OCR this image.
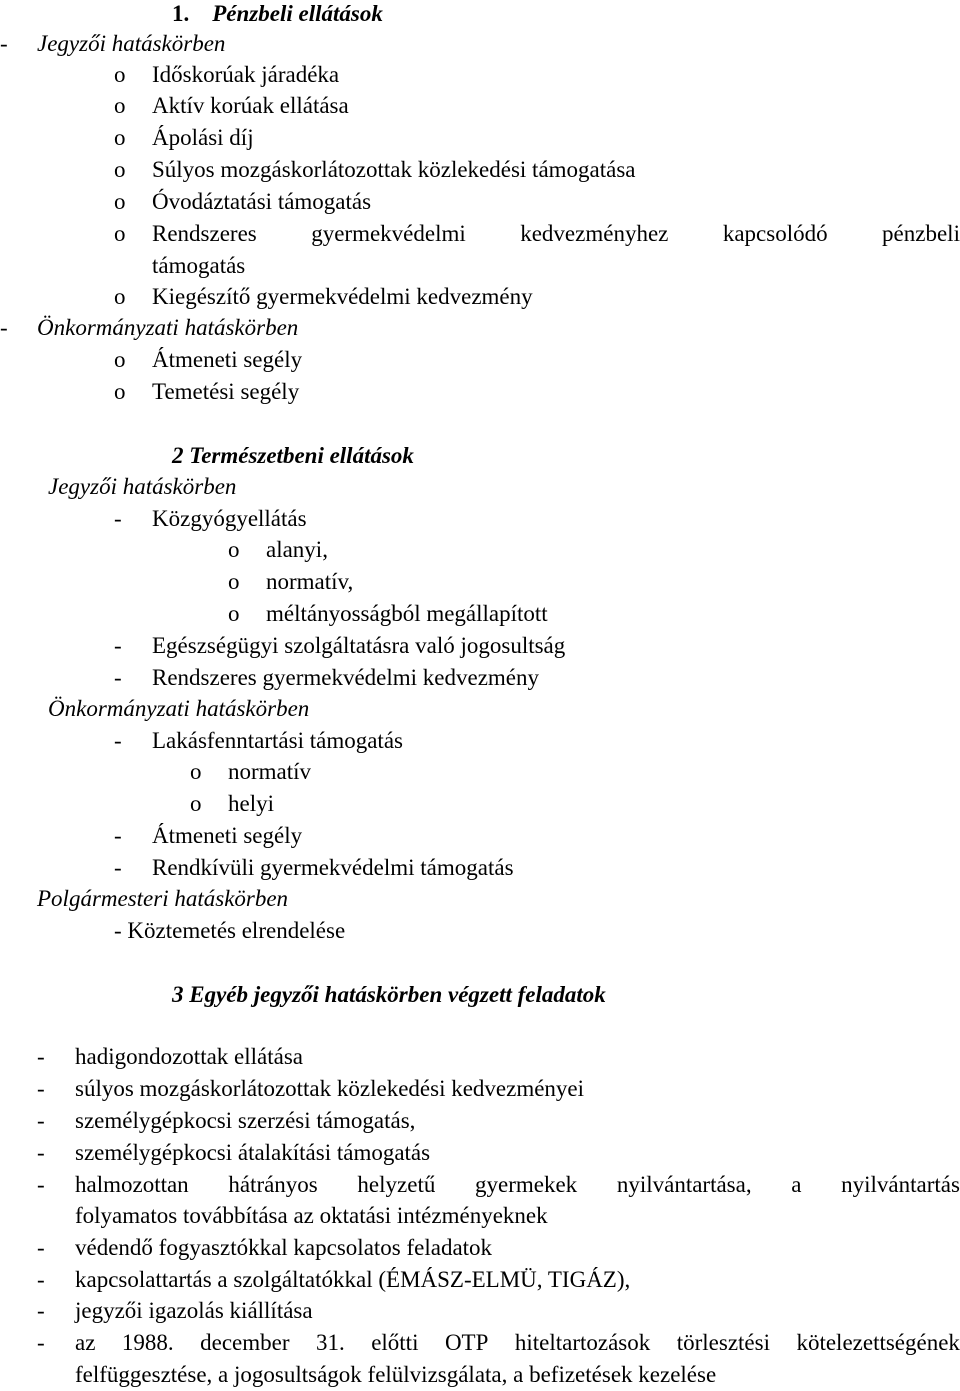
1. Pénzbeli ellátások
- Jegyzői hatáskörben
o Időskorúak járadéka
o Aktív korúak ellátása
o Ápolási díj
o Súlyos mozgáskorlátozottak közlekedési támogatása
o Óvodáztatási támogatás
o	Rendszeres gyermekvédelmi kedvezményhez kapcsolódó pénzbeli
támogatás
o Kiegészítő gyermekvédelmi kedvezmény
- Önkormányzati hatáskörben
o Átmeneti segély
o Temetési segély
2 Természetbeni ellátások
Jegyzői hatáskörben
- Közgyógyellátás
o alanyi,
o normatív,
o méltányosságból megállapított
- Egészségügyi szolgáltatásra való jogosultság
- Rendszeres gyermekvédelmi kedvezmény
Önkormányzati hatáskörben
- Lakásfenntartási támogatás
o normatív
o helyi
- Átmeneti segély
- Rendkívüli gyermekvédelmi támogatás
Polgármesteri hatáskörben
- Köztemetés elrendelése
3 Egyéb jegyzői hatáskörben végzett feladatok
- hadigondozottak ellátása
- súlyos mozgáskorlátozottak közlekedési kedvezményei
- személygépkocsi szerzési támogatás,
- személygépkocsi átalakítási támogatás
-	halmozottan hátrányos helyzetű gyermekek nyilvántartása, a nyilvántartás
folyamatos továbbítása az oktatási intézményeknek
- védendő fogyasztókkal kapcsolatos feladatok
- kapcsolattartás a szolgáltatókkal (ÉMÁSZ-ELMÜ, TIGÁZ),
- jegyzői igazolás kiállítása
-	az 1988. december 31. előtti OTP hiteltartozások törlesztési kötelezettségének
felfüggesztése, a jogosultságok felülvizsgálata, a befizetések kezelése
